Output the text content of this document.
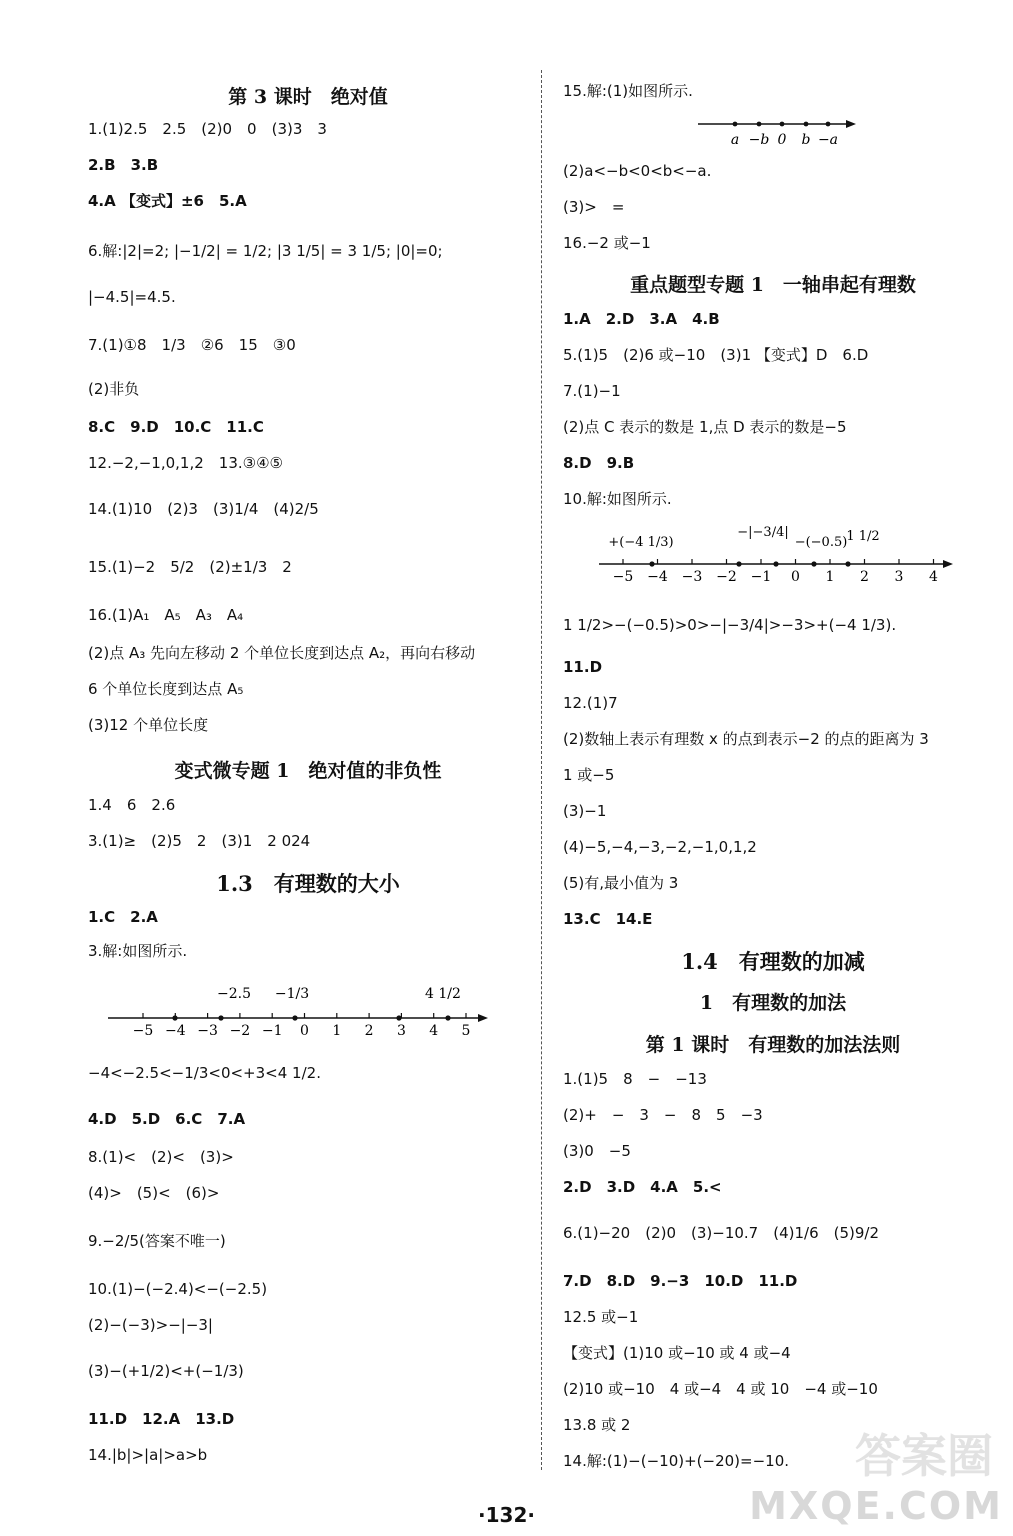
第 3 课时　绝对值
1.(1)2.5　2.5　(2)0　0　(3)3　3
2.B　3.B
4.A 【变式】±6　5.A
6.解:|2|=2; |−1/2| = 1/2; |3 1/5| = 3 1/5; |0|=0;
|−4.5|=4.5.
7.(1)①8　1/3　②6　15　③0
(2)非负
8.C　9.D　10.C　11.C
12.−2,−1,0,1,2　13.③④⑤
14.(1)10　(2)3　(3)1/4　(4)2/5
15.(1)−2　5/2　(2)±1/3　2
16.(1)A₁　A₅　A₃　A₄
(2)点 A₃ 先向左移动 2 个单位长度到达点 A₂，再向右移动
6 个单位长度到达点 A₅
(3)12 个单位长度
变式微专题 1　绝对值的非负性
1.4　6　2.6
3.(1)≥　(2)5　2　(3)1　2 024
1.3　有理数的大小
1.C　2.A
3.解:如图所示.
−5 −4 −3 −2 −1 0 1 2 3 4 5
−2.5 −1/3	4 1/2
−4<−2.5<−1/3<0<+3<4 1/2.
4.D　5.D　6.C　7.A
8.(1)<　(2)<　(3)>
(4)>　(5)<　(6)>
9.−2/5(答案不唯一)
10.(1)−(−2.4)<−(−2.5)
(2)−(−3)>−|−3|
(3)−(+1/2)<+(−1/3)
11.D　12.A　13.D
14.|b|>|a|>a>b
15.解:(1)如图所示.
a −b 0 b −a
(2)a<−b<0<b<−a.
(3)>　=
16.−2 或−1
重点题型专题 1　一轴串起有理数
1.A　2.D　3.A　4.B
5.(1)5　(2)6 或−10　(3)1 【变式】D　6.D
7.(1)−1
(2)点 C 表示的数是 1,点 D 表示的数是−5
8.D　9.B
10.解:如图所示.
−5 −4 −3 −2 −1 0 1 2 3 4
+(−4 1/3)
−|−3/4|
−(−0.5) 1 1/2
1 1/2>−(−0.5)>0>−|−3/4|>−3>+(−4 1/3).
11.D
12.(1)7
(2)数轴上表示有理数 x 的点到表示−2 的点的距离为 3
1 或−5
(3)−1
(4)−5,−4,−3,−2,−1,0,1,2
(5)有,最小值为 3
13.C　14.E
1.4　有理数的加减
1　有理数的加法
第 1 课时　有理数的加法法则
1.(1)5　8　−　−13
(2)+　−　3　−　8　5　−3
(3)0　−5
2.D　3.D　4.A　5.<
6.(1)−20　(2)0　(3)−10.7　(4)1/6　(5)9/2
7.D　8.D　9.−3　10.D　11.D
12.5 或−1
【变式】(1)10 或−10 或 4 或−4
(2)10 或−10　4 或−4　4 或 10　−4 或−10
13.8 或 2
14.解:(1)−(−10)+(−20)=−10.
·132·
答案圈
MXQE.COM
